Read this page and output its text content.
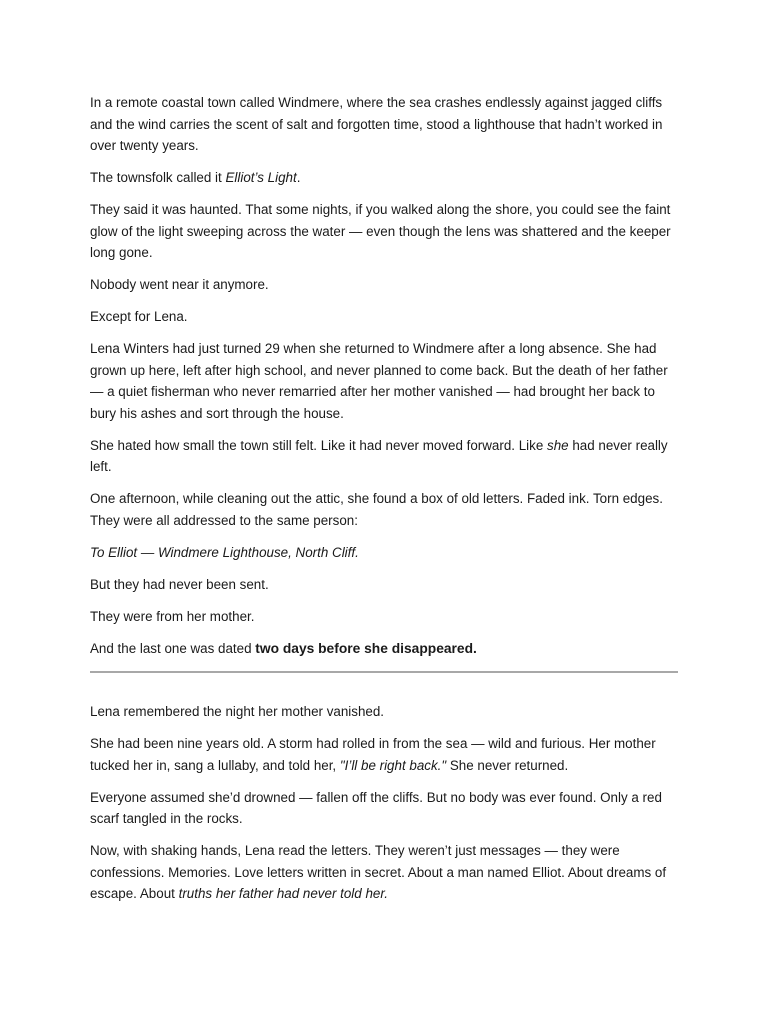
In a remote coastal town called Windmere, where the sea crashes endlessly against jagged cliffs and the wind carries the scent of salt and forgotten time, stood a lighthouse that hadn’t worked in over twenty years.

The townsfolk called it Elliot’s Light.

They said it was haunted. That some nights, if you walked along the shore, you could see the faint glow of the light sweeping across the water — even though the lens was shattered and the keeper long gone.

Nobody went near it anymore.

Except for Lena.

Lena Winters had just turned 29 when she returned to Windmere after a long absence. She had grown up here, left after high school, and never planned to come back. But the death of her father — a quiet fisherman who never remarried after her mother vanished — had brought her back to bury his ashes and sort through the house.

She hated how small the town still felt. Like it had never moved forward. Like she had never really left.

One afternoon, while cleaning out the attic, she found a box of old letters. Faded ink. Torn edges. They were all addressed to the same person:

To Elliot — Windmere Lighthouse, North Cliff.

But they had never been sent.

They were from her mother.

And the last one was dated two days before she disappeared.

Lena remembered the night her mother vanished.

She had been nine years old. A storm had rolled in from the sea — wild and furious. Her mother tucked her in, sang a lullaby, and told her, "I’ll be right back." She never returned.

Everyone assumed she’d drowned — fallen off the cliffs. But no body was ever found. Only a red scarf tangled in the rocks.

Now, with shaking hands, Lena read the letters. They weren’t just messages — they were confessions. Memories. Love letters written in secret. About a man named Elliot. About dreams of escape. About truths her father had never told her.
